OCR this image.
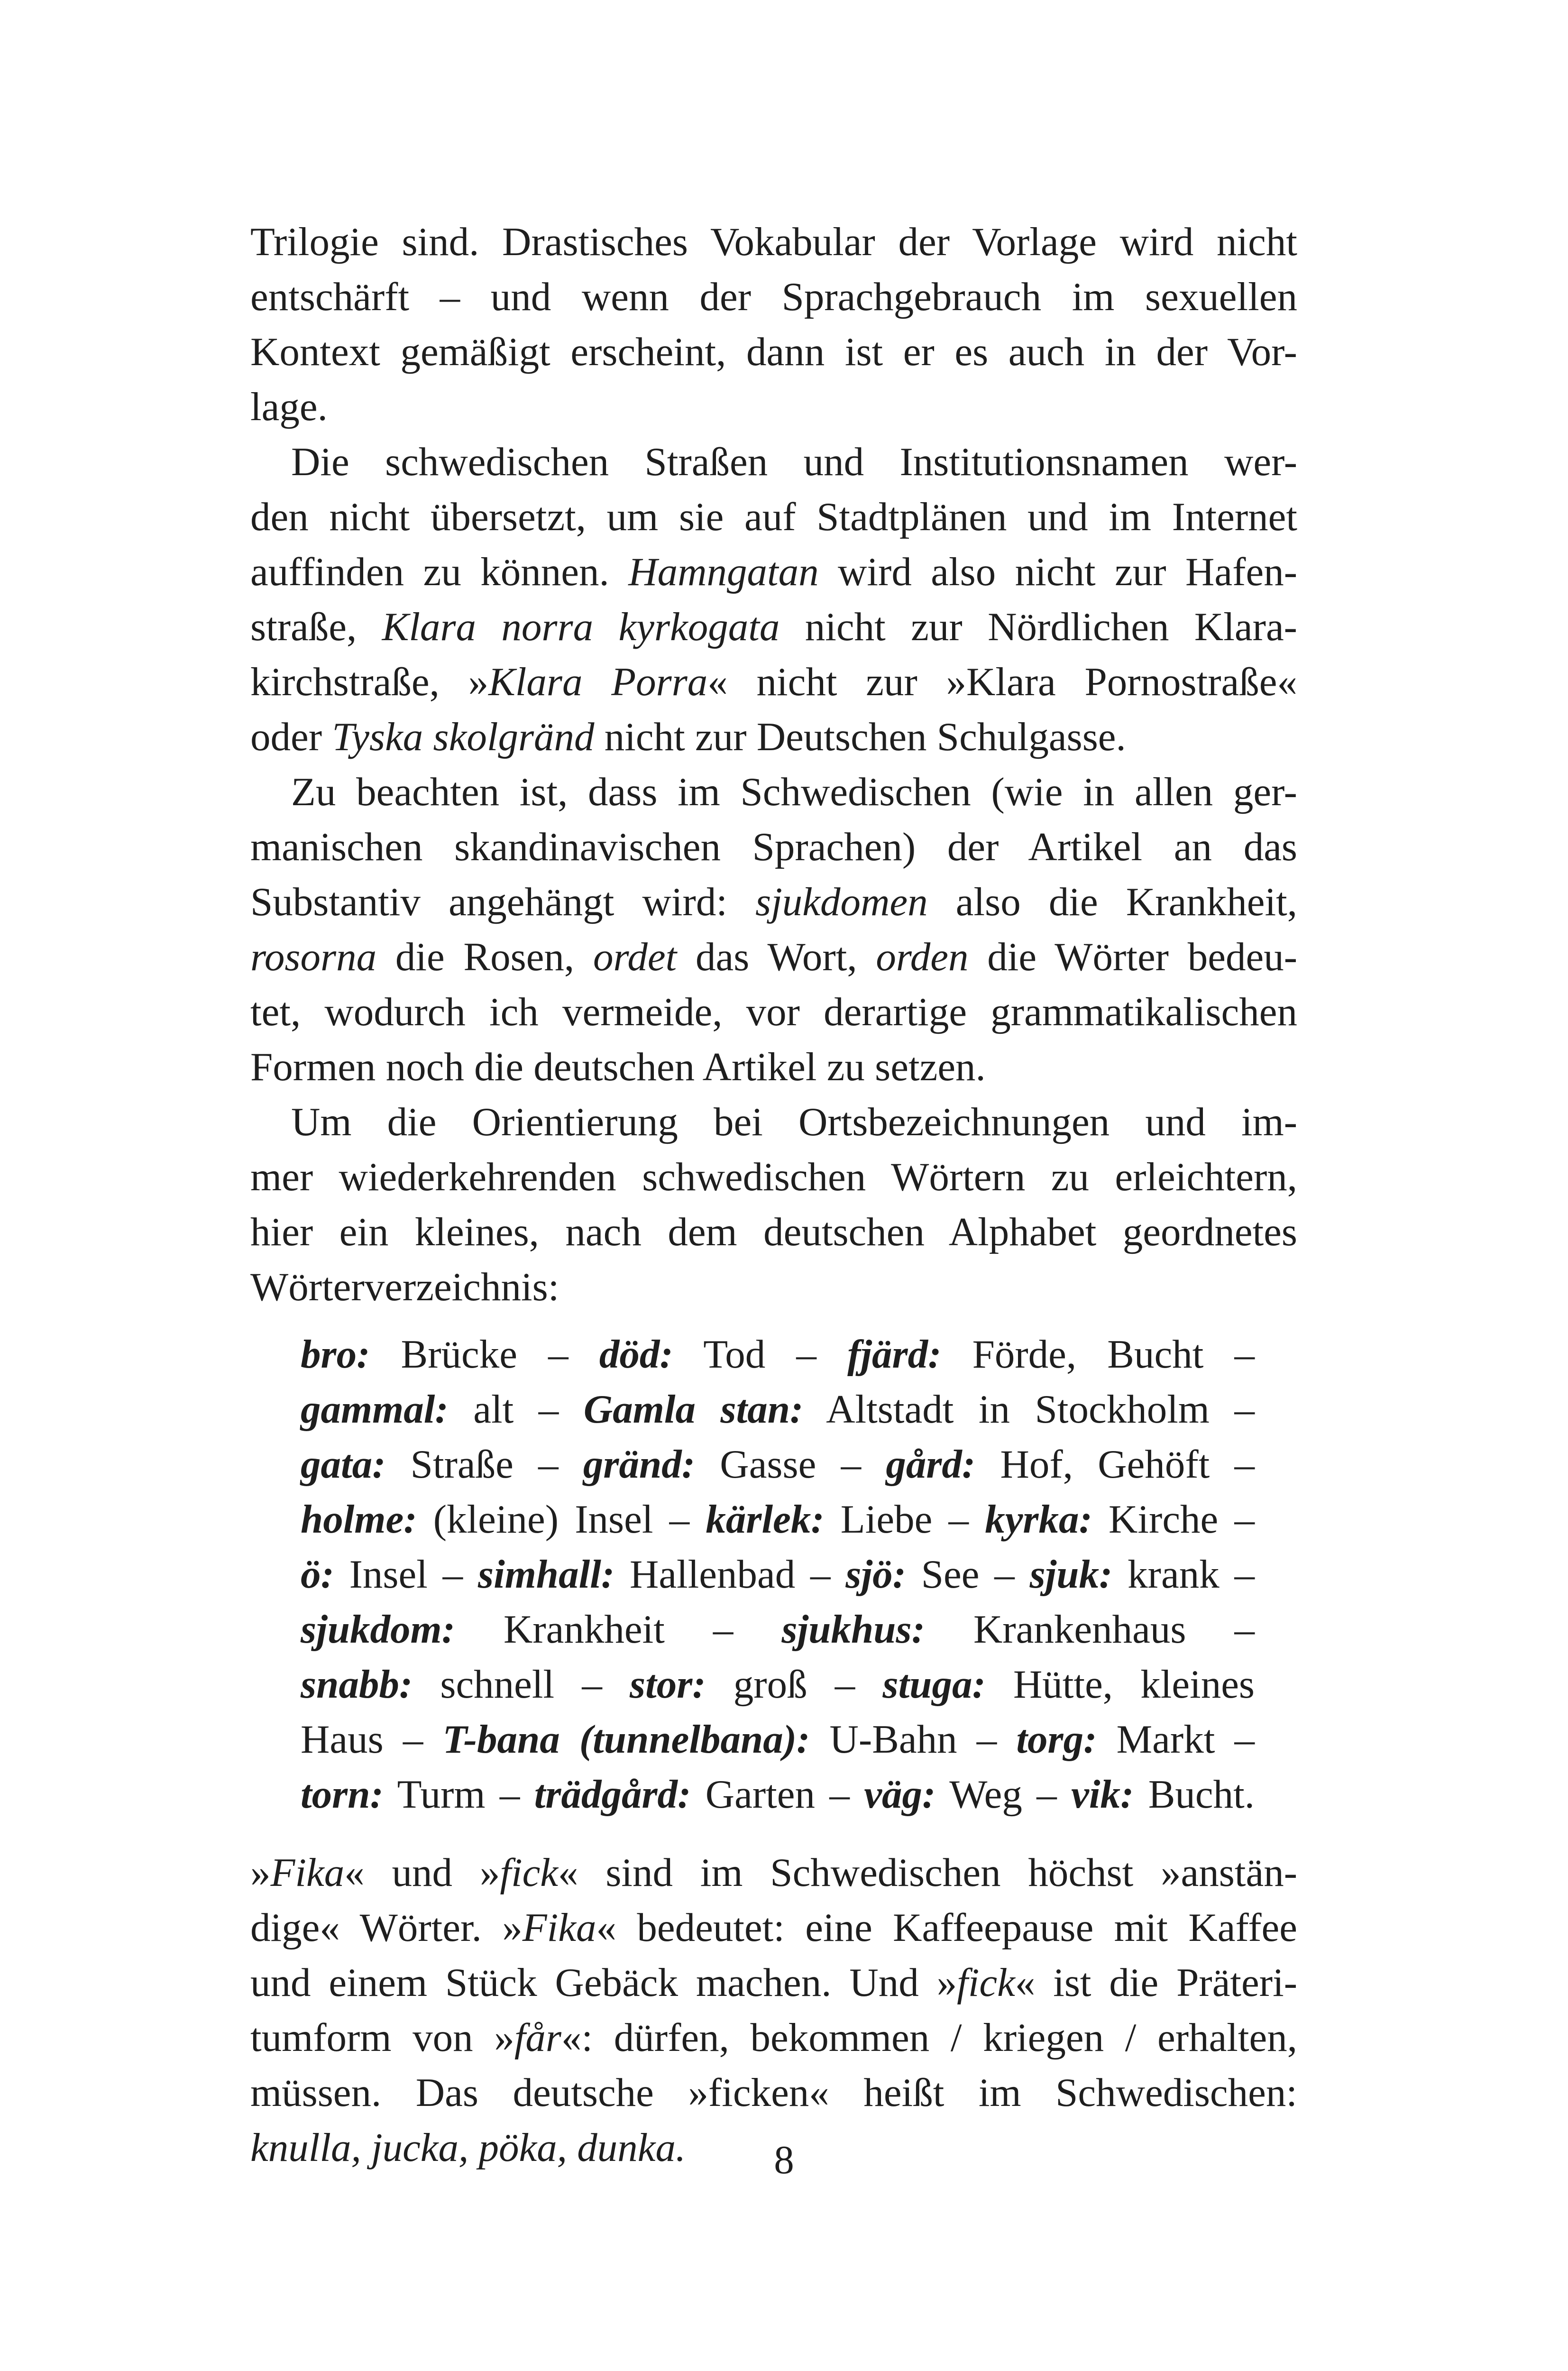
Trilogie sind. Drastisches Vokabular der Vorlage wird nicht
entschärft – und wenn der Sprachgebrauch im sexuellen
Kontext gemäßigt erscheint, dann ist er es auch in der Vor-
lage.
Die schwedischen Straßen und Institutionsnamen wer-
den nicht übersetzt, um sie auf Stadtplänen und im Internet
auffinden zu können. Hamngatan wird also nicht zur Hafen-
straße, Klara norra kyrkogata nicht zur Nördlichen Klara-
kirchstraße, »Klara Porra« nicht zur »Klara Pornostraße«
oder Tyska skolgränd nicht zur Deutschen Schulgasse.
Zu beachten ist, dass im Schwedischen (wie in allen ger-
manischen skandinavischen Sprachen) der Artikel an das
Substantiv angehängt wird: sjukdomen also die Krankheit,
rosorna die Rosen, ordet das Wort, orden die Wörter bedeu-
tet, wodurch ich vermeide, vor derartige grammatikalischen
Formen noch die deutschen Artikel zu setzen.
Um die Orientierung bei Ortsbezeichnungen und im-
mer wiederkehrenden schwedischen Wörtern zu erleichtern,
hier ein kleines, nach dem deutschen Alphabet geordnetes
Wörterverzeichnis:
bro: Brücke – död: Tod – fjärd: Förde, Bucht –
gammal: alt – Gamla stan: Altstadt in Stockholm –
gata: Straße – gränd: Gasse – gård: Hof, Gehöft –
holme: (kleine) Insel – kärlek: Liebe – kyrka: Kirche –
ö: Insel – simhall: Hallenbad – sjö: See – sjuk: krank –
sjukdom: Krankheit – sjukhus: Krankenhaus –
snabb: schnell – stor: groß – stuga: Hütte, kleines
Haus – T-bana (tunnelbana): U-Bahn – torg: Markt –
torn: Turm – trädgård: Garten – väg: Weg – vik: Bucht.
»Fika« und »fick« sind im Schwedischen höchst »anstän-
dige« Wörter. »Fika« bedeutet: eine Kaffeepause mit Kaffee
und einem Stück Gebäck machen. Und »fick« ist die Präteri-
tumform von »får«: dürfen, bekommen / kriegen / erhalten,
müssen. Das deutsche »ficken« heißt im Schwedischen:
knulla, jucka, pöka, dunka.	8
